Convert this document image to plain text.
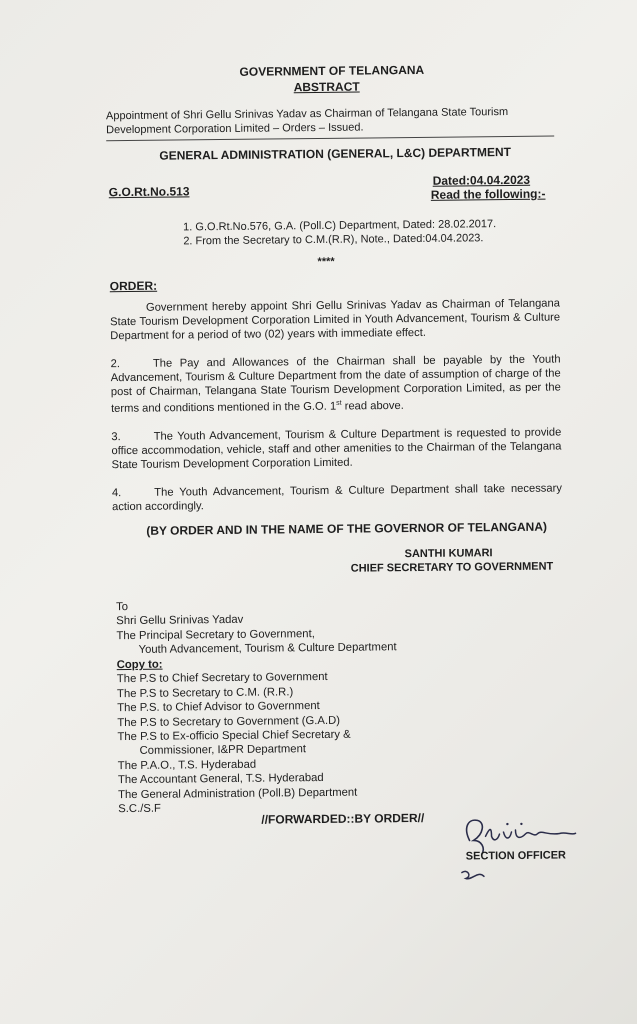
GOVERNMENT OF TELANGANA
ABSTRACT
Appointment of Shri Gellu Srinivas Yadav as Chairman of Telangana State Tourism
Development Corporation Limited – Orders – Issued.
GENERAL ADMINISTRATION (GENERAL, L&C) DEPARTMENT
G.O.Rt.No.513
Dated:04.04.2023
Read the following:-
1. G.O.Rt.No.576, G.A. (Poll.C) Department, Dated: 28.02.2017.
2. From the Secretary to C.M.(R.R), Note., Dated:04.04.2023.
****
ORDER:
Government hereby appoint Shri Gellu Srinivas Yadav as Chairman of Telangana State Tourism Development Corporation Limited in Youth Advancement, Tourism & Culture Department for a period of two (02) years with immediate effect.
2.	The Pay and Allowances of the Chairman shall be payable by the Youth Advancement, Tourism & Culture Department from the date of assumption of charge of the post of Chairman, Telangana State Tourism Development Corporation Limited, as per the terms and conditions mentioned in the G.O. 1st read above.
3.	The Youth Advancement, Tourism & Culture Department is requested to provide office accommodation, vehicle, staff and other amenities to the Chairman of the Telangana State Tourism Development Corporation Limited.
4.	The Youth Advancement, Tourism & Culture Department shall take necessary action accordingly.
(BY ORDER AND IN THE NAME OF THE GOVERNOR OF TELANGANA)
SANTHI KUMARI
CHIEF SECRETARY TO GOVERNMENT
To
Shri Gellu Srinivas Yadav
The Principal Secretary to Government,
Youth Advancement, Tourism & Culture Department
Copy to:
The P.S to Chief Secretary to Government
The P.S to Secretary to C.M. (R.R.)
The P.S. to Chief Advisor to Government
The P.S to Secretary to Government (G.A.D)
The P.S to Ex-officio Special Chief Secretary &
Commissioner, I&PR Department
The P.A.O., T.S. Hyderabad
The Accountant General, T.S. Hyderabad
The General Administration (Poll.B) Department
S.C./S.F
//FORWARDED::BY ORDER//
SECTION OFFICER
